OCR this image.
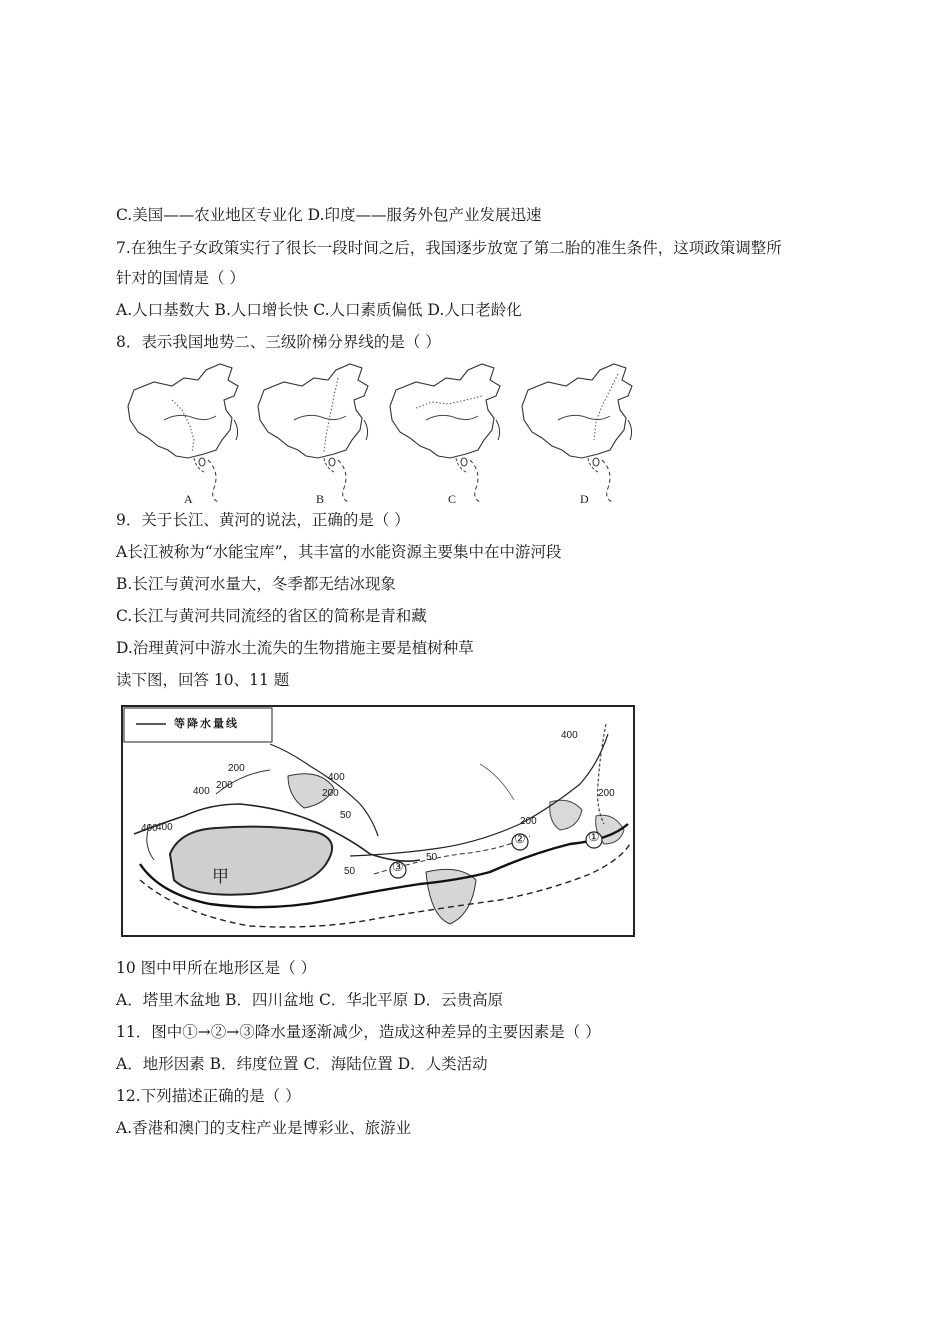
C.美国——农业地区专业化 D.印度——服务外包产业发展迅速
7.在独生子女政策实行了很长一段时间之后，我国逐步放宽了第二胎的准生条件，这项政策调整所
针对的国情是（ ）
A.人口基数大 B.人口增长快 C.人口素质偏低 D.人口老龄化
8．表示我国地势二、三级阶梯分界线的是（ ）
A	B	C	D
9．关于长江、黄河的说法，正确的是（ ）
A长江被称为“水能宝库”，其丰富的水能资源主要集中在中游河段
B.长江与黄河水量大，冬季都无结冰现象
C.长江与黄河共同流经的省区的简称是青和藏
D.治理黄河中游水土流失的生物措施主要是植树种草
读下图，回答 10、11 题
等降水量线
甲	③
②	①
400
400
200
200
400
200
50
50
50
400
400
200
200
10 图中甲所在地形区是（ ）
A．塔里木盆地 B．四川盆地 C．华北平原 D．云贵高原
11．图中①→②→③降水量逐渐减少，造成这种差异的主要因素是（ ）
A．地形因素 B．纬度位置 C．海陆位置 D．人类活动
12.下列描述正确的是（ ）
A.香港和澳门的支柱产业是博彩业、旅游业
